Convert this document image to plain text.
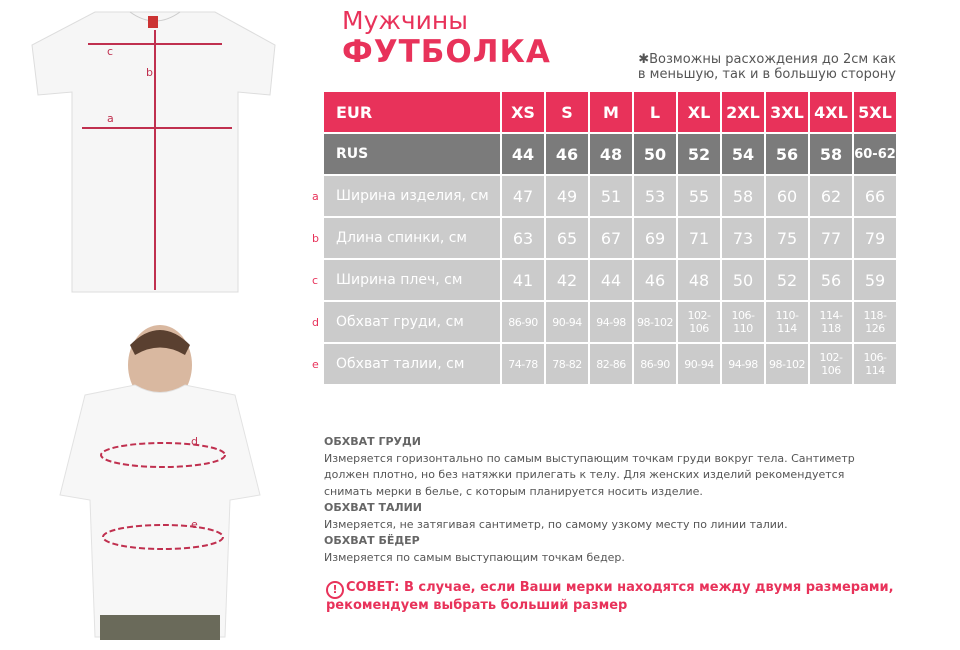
c
b
a
d
e
Мужчины
ФУТБОЛКА	✱Возможны расхождения до 2см как
в меньшую, так и в большую сторону
EUR	XS	S	M	L	XL	2XL	3XL	4XL	5XL
RUS	44	46	48	50	52	54	56	58	60-62
Ширина изделия, см	47	49	51	53	55	58	60	62	66
Длина спинки, см	63	65	67	69	71	73	75	77	79
Ширина плеч, см	41	42	44	46	48	50	52	56	59
Обхват груди, см	86-90	90-94	94-98	98-102	102-106	106-110	110-114	114-118	118-126
Обхват талии, см	74-78	78-82	82-86	86-90	90-94	94-98	98-102	102-106	106-114
a
b
c
d
e
ОБХВАТ ГРУДИ
Измеряется горизонтально по самым выступающим точкам груди вокруг тела. Сантиметр должен плотно, но без натяжки прилегать к телу. Для женских изделий рекомендуется снимать мерки в белье, с которым планируется носить изделие.
ОБХВАТ ТАЛИИ
Измеряется, не затягивая сантиметр, по самому узкому месту по линии талии.
ОБХВАТ БЁДЕР
Измеряется по самым выступающим точкам бедер.
! СОВЕТ: В случае, если Ваши мерки находятся между двумя размерами, рекомендуем выбрать больший размер
